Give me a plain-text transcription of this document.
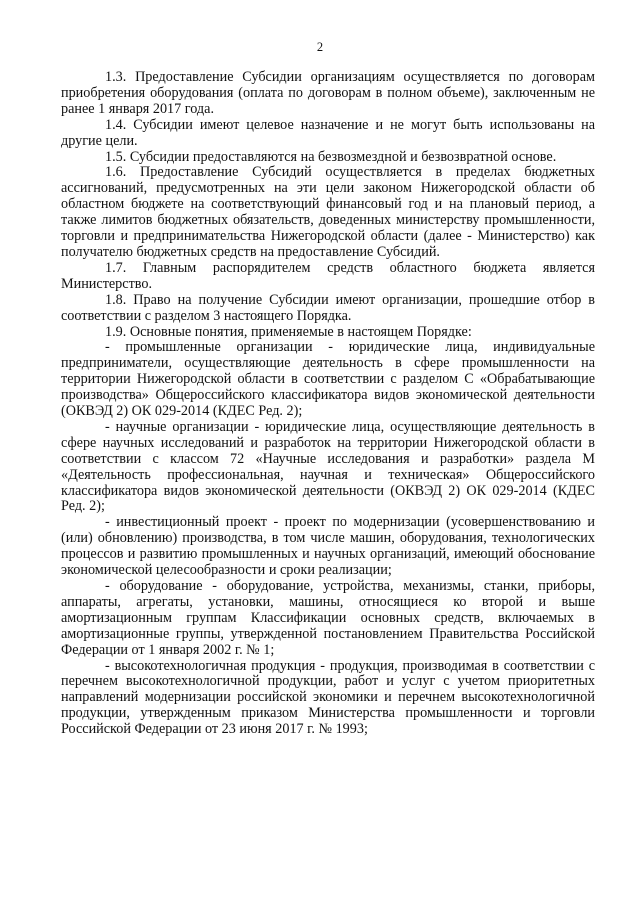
2

1.3. Предоставление Субсидии организациям осуществляется по договорам приобретения оборудования (оплата по договорам в полном объеме), заключенным не ранее 1 января 2017 года.

1.4. Субсидии имеют целевое назначение и не могут быть использованы на другие цели.

1.5. Субсидии предоставляются на безвозмездной и безвозвратной основе.

1.6. Предоставление Субсидий осуществляется в пределах бюджетных ассигнований, предусмотренных на эти цели законом Нижегородской области об областном бюджете на соответствующий финансовый год и на плановый период, а также лимитов бюджетных обязательств, доведенных министерству промышленности, торговли и предпринимательства Нижегородской области (далее - Министерство) как получателю бюджетных средств на предоставление Субсидий.

1.7. Главным распорядителем средств областного бюджета является Министерство.

1.8. Право на получение Субсидии имеют организации, прошедшие отбор в соответствии с разделом 3 настоящего Порядка.

1.9. Основные понятия, применяемые в настоящем Порядке:

- промышленные организации - юридические лица, индивидуальные предприниматели, осуществляющие деятельность в сфере промышленности на территории Нижегородской области в соответствии с разделом С «Обрабатывающие производства» Общероссийского классификатора видов экономической деятельности (ОКВЭД 2) ОК 029-2014 (КДЕС Ред. 2);

- научные организации - юридические лица, осуществляющие деятельность в сфере научных исследований и разработок на территории Нижегородской области в соответствии с классом 72 «Научные исследования и разработки» раздела М «Деятельность профессиональная, научная и техническая» Общероссийского классификатора видов экономической деятельности (ОКВЭД 2) ОК 029-2014 (КДЕС Ред. 2);

- инвестиционный проект - проект по модернизации (усовершенствованию и (или) обновлению) производства, в том числе машин, оборудования, технологических процессов и развитию промышленных и научных организаций, имеющий обоснование экономической целесообразности и сроки реализации;

- оборудование - оборудование, устройства, механизмы, станки, приборы, аппараты, агрегаты, установки, машины, относящиеся ко второй и выше амортизационным группам Классификации основных средств, включаемых в амортизационные группы, утвержденной постановлением Правительства Российской Федерации от 1 января 2002 г. № 1;

- высокотехнологичная продукция - продукция, производимая в соответствии с перечнем высокотехнологичной продукции, работ и услуг с учетом приоритетных направлений модернизации российской экономики и перечнем высокотехнологичной продукции, утвержденным приказом Министерства промышленности и торговли Российской Федерации от 23 июня 2017 г. № 1993;
